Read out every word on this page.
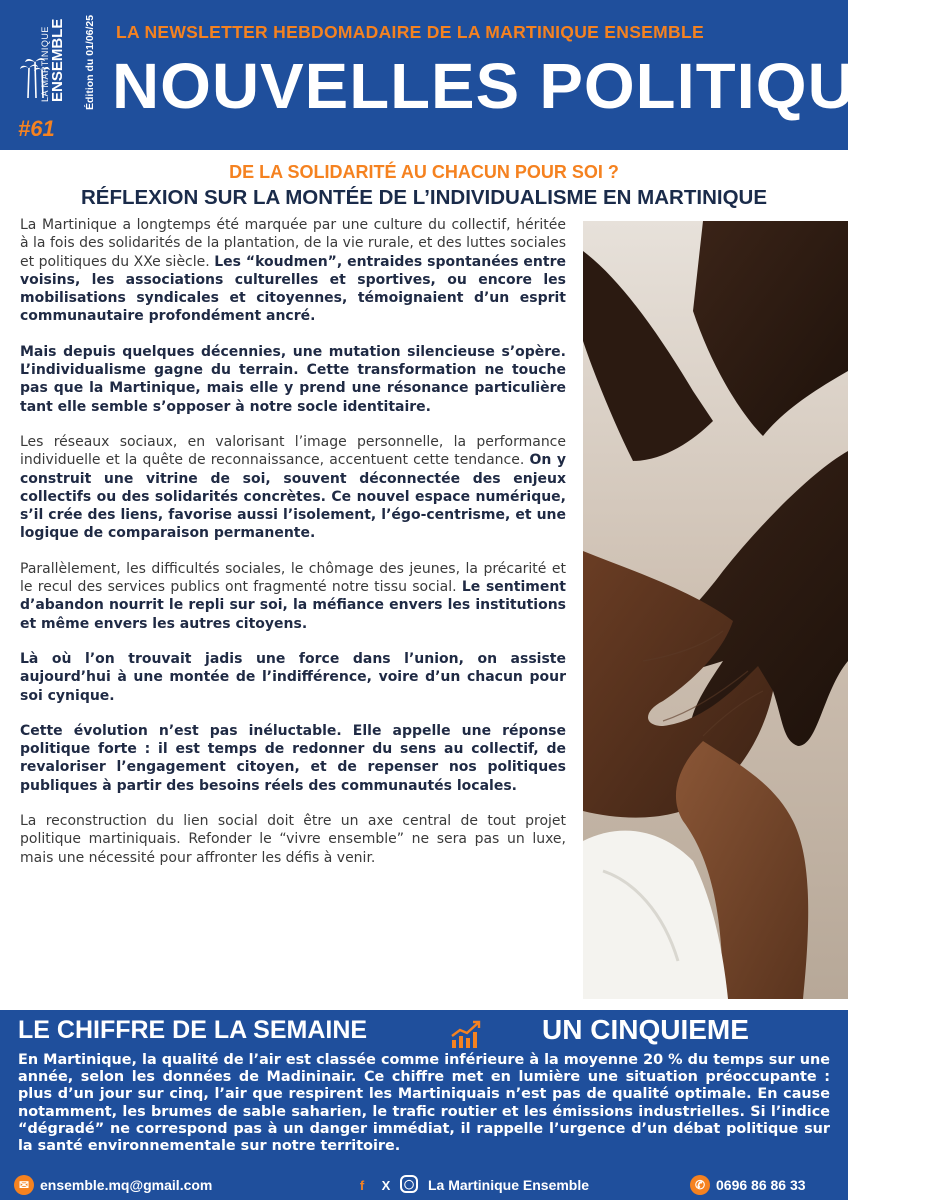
LA MARTINIQUE ENSEMBLE Édition du 01/06/25
#61
LA NEWSLETTER HEBDOMADAIRE DE LA MARTINIQUE ENSEMBLE
NOUVELLES POLITIQUES
DE LA SOLIDARITÉ AU CHACUN POUR SOI ?
RÉFLEXION SUR LA MONTÉE DE L’INDIVIDUALISME EN MARTINIQUE

La Martinique a longtemps été marquée par une culture du collectif, héritée à la fois des solidarités de la plantation, de la vie rurale, et des luttes sociales et politiques du XXe siècle. Les “koudmen”, entraides spontanées entre voisins, les associations culturelles et sportives, ou encore les mobilisations syndicales et citoyennes, témoignaient d’un esprit communautaire profondément ancré.

Mais depuis quelques décennies, une mutation silencieuse s’opère. L’individualisme gagne du terrain. Cette transformation ne touche pas que la Martinique, mais elle y prend une résonance particulière tant elle semble s’opposer à notre socle identitaire.

Les réseaux sociaux, en valorisant l’image personnelle, la performance individuelle et la quête de reconnaissance, accentuent cette tendance. On y construit une vitrine de soi, souvent déconnectée des enjeux collectifs ou des solidarités concrètes. Ce nouvel espace numérique, s’il crée des liens, favorise aussi l’isolement, l’égo-centrisme, et une logique de comparaison permanente.

Parallèlement, les difficultés sociales, le chômage des jeunes, la précarité et le recul des services publics ont fragmenté notre tissu social. Le sentiment d’abandon nourrit le repli sur soi, la méfiance envers les institutions et même envers les autres citoyens.

Là où l’on trouvait jadis une force dans l’union, on assiste aujourd’hui à une montée de l’indifférence, voire d’un chacun pour soi cynique.

Cette évolution n’est pas inéluctable. Elle appelle une réponse politique forte : il est temps de redonner du sens au collectif, de revaloriser l’engagement citoyen, et de repenser nos politiques publiques à partir des besoins réels des communautés locales.

La reconstruction du lien social doit être un axe central de tout projet politique martiniquais. Refonder le “vivre ensemble” ne sera pas un luxe, mais une nécessité pour affronter les défis à venir.

LE CHIFFRE DE LA SEMAINE	UN CINQUIEME
En Martinique, la qualité de l’air est classée comme inférieure à la moyenne 20 % du temps sur une année, selon les données de Madininair. Ce chiffre met en lumière une situation préoccupante : plus d’un jour sur cinq, l’air que respirent les Martiniquais n’est pas de qualité optimale. En cause notamment, les brumes de sable saharien, le trafic routier et les émissions industrielles. Si l’indice “dégradé” ne correspond pas à un danger immédiat, il rappelle l’urgence d’un débat politique sur la santé environnementale sur notre territoire.
✉ ensemble.mq@gmail.com	f	X	◯ La Martinique Ensemble	✆ 0696 86 86 33
